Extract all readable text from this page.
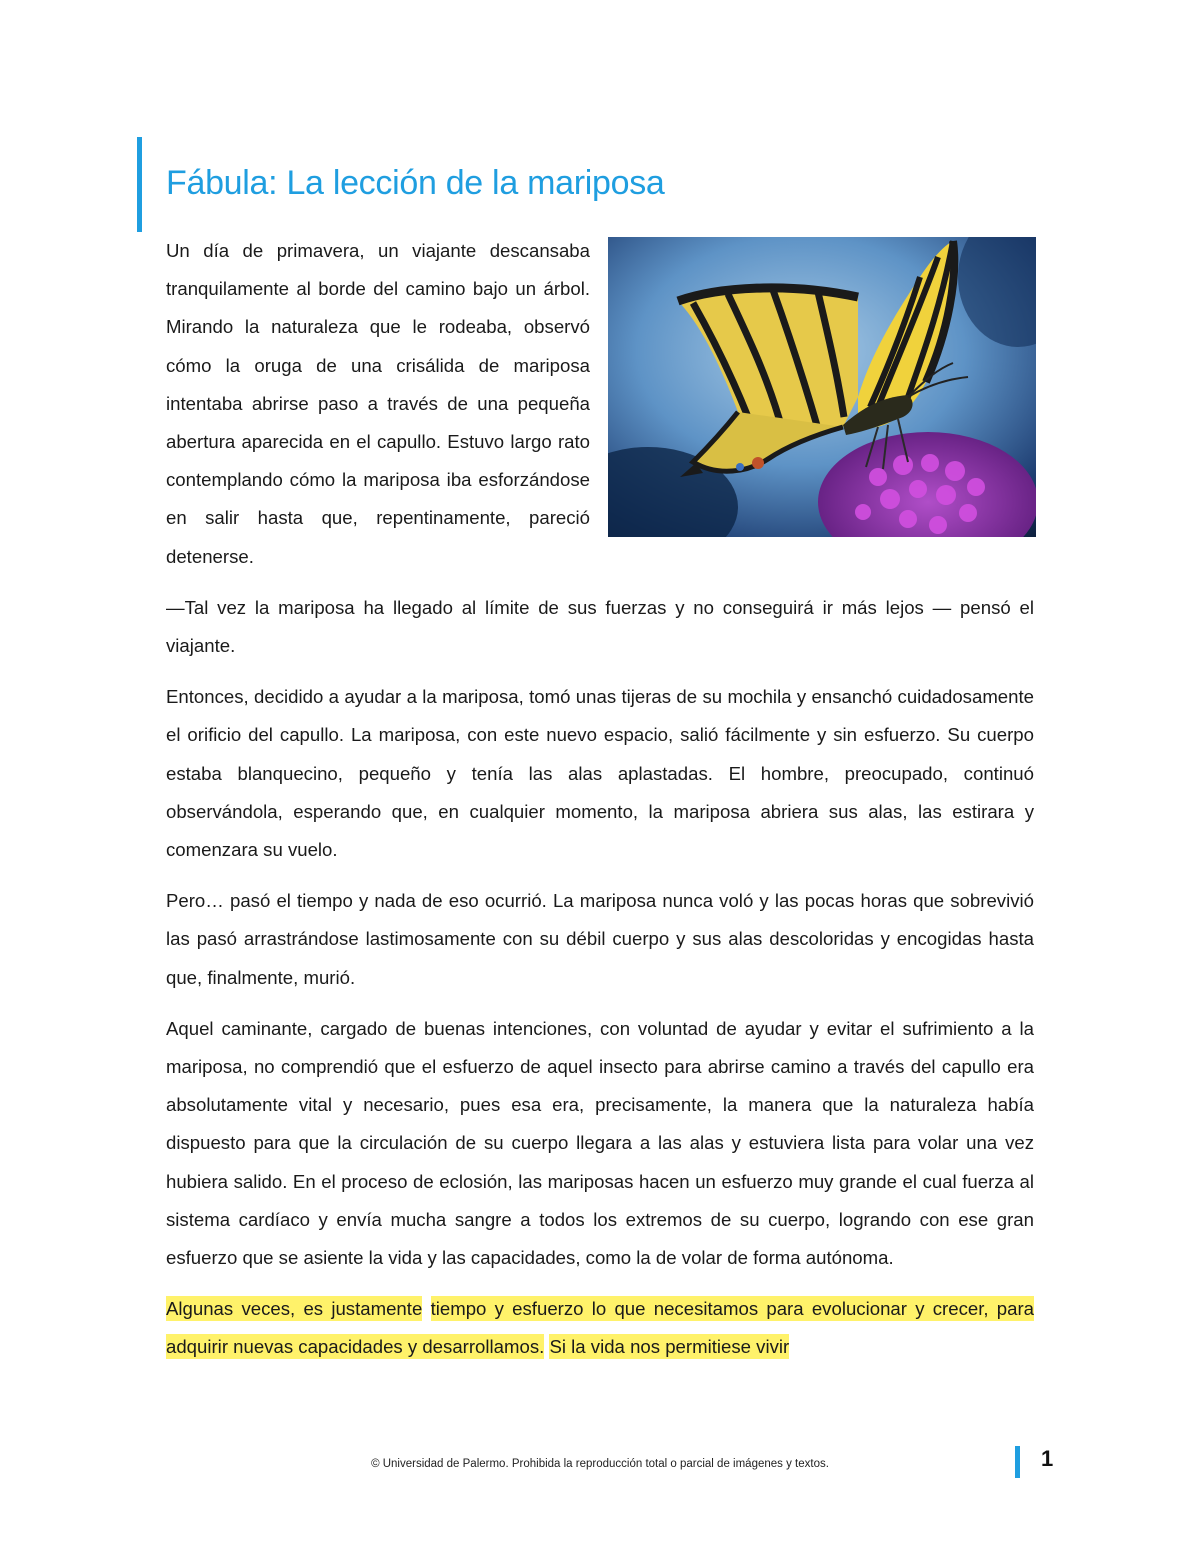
Fábula: La lección de la mariposa

Un día de primavera, un viajante descansaba tranquilamente al borde del camino bajo un árbol. Mirando la naturaleza que le rodeaba, observó cómo la oruga de una crisálida de mariposa intentaba abrirse paso a través de una pequeña abertura aparecida en el capullo. Estuvo largo rato contemplando cómo la mariposa iba esforzándose en salir hasta que, repentinamente, pareció detenerse.

—Tal vez la mariposa ha llegado al límite de sus fuerzas y no conseguirá ir más lejos — pensó el viajante.

Entonces, decidido a ayudar a la mariposa, tomó unas tijeras de su mochila y ensanchó cuidadosamente el orificio del capullo. La mariposa, con este nuevo espacio, salió fácilmente y sin esfuerzo. Su cuerpo estaba blanquecino, pequeño y tenía las alas aplastadas. El hombre, preocupado, continuó observándola, esperando que, en cualquier momento, la mariposa abriera sus alas, las estirara y comenzara su vuelo.

Pero… pasó el tiempo y nada de eso ocurrió. La mariposa nunca voló y las pocas horas que sobrevivió las pasó arrastrándose lastimosamente con su débil cuerpo y sus alas descoloridas y encogidas hasta que, finalmente, murió.

Aquel caminante, cargado de buenas intenciones, con voluntad de ayudar y evitar el sufrimiento a la mariposa, no comprendió que el esfuerzo de aquel insecto para abrirse camino a través del capullo era absolutamente vital y necesario, pues esa era, precisamente, la manera que la naturaleza había dispuesto para que la circulación de su cuerpo llegara a las alas y estuviera lista para volar una vez hubiera salido. En el proceso de eclosión, las mariposas hacen un esfuerzo muy grande el cual fuerza al sistema cardíaco y envía mucha sangre a todos los extremos de su cuerpo, logrando con ese gran esfuerzo que se asiente la vida y las capacidades, como la de volar de forma autónoma.

Algunas veces, es justamente tiempo y esfuerzo lo que necesitamos para evolucionar y crecer, para adquirir nuevas capacidades y desarrollamos. Si la vida nos permitiese vivir

© Universidad de Palermo. Prohibida la reproducción total o parcial de imágenes y textos.	1
